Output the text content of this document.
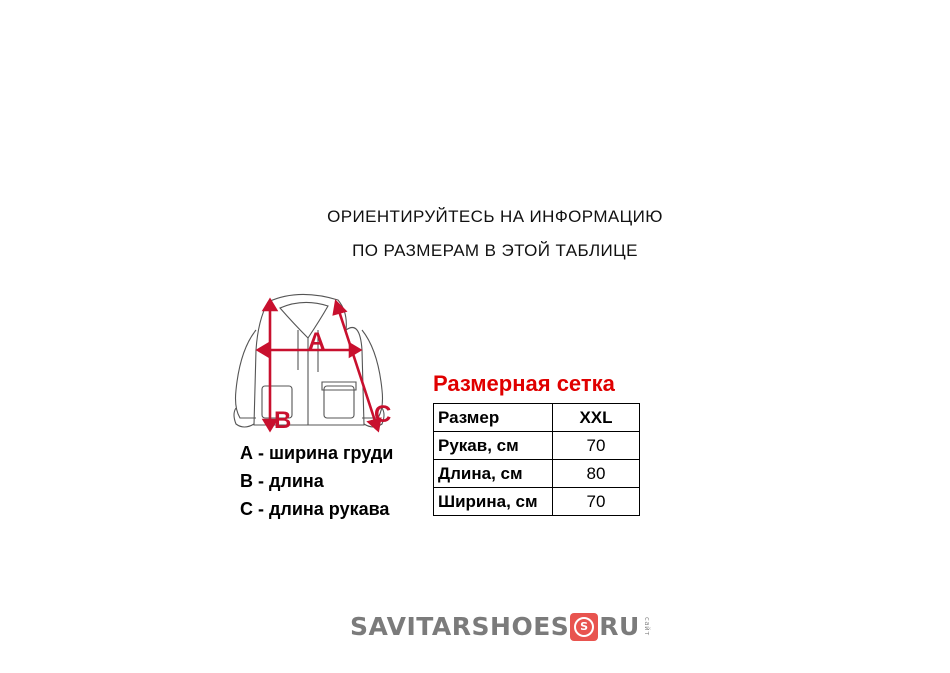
ОРИЕНТИРУЙТЕСЬ НА ИНФОРМАЦИЮ
ПО РАЗМЕРАМ В ЭТОЙ ТАБЛИЦЕ
A
B	C
А - ширина груди
В - длина
С - длина рукава
Размерная сетка
Размер	XXL
Рукав, см	70
Длина, см	80
Ширина, см	70
SAVITARSHOES S RU сайт
